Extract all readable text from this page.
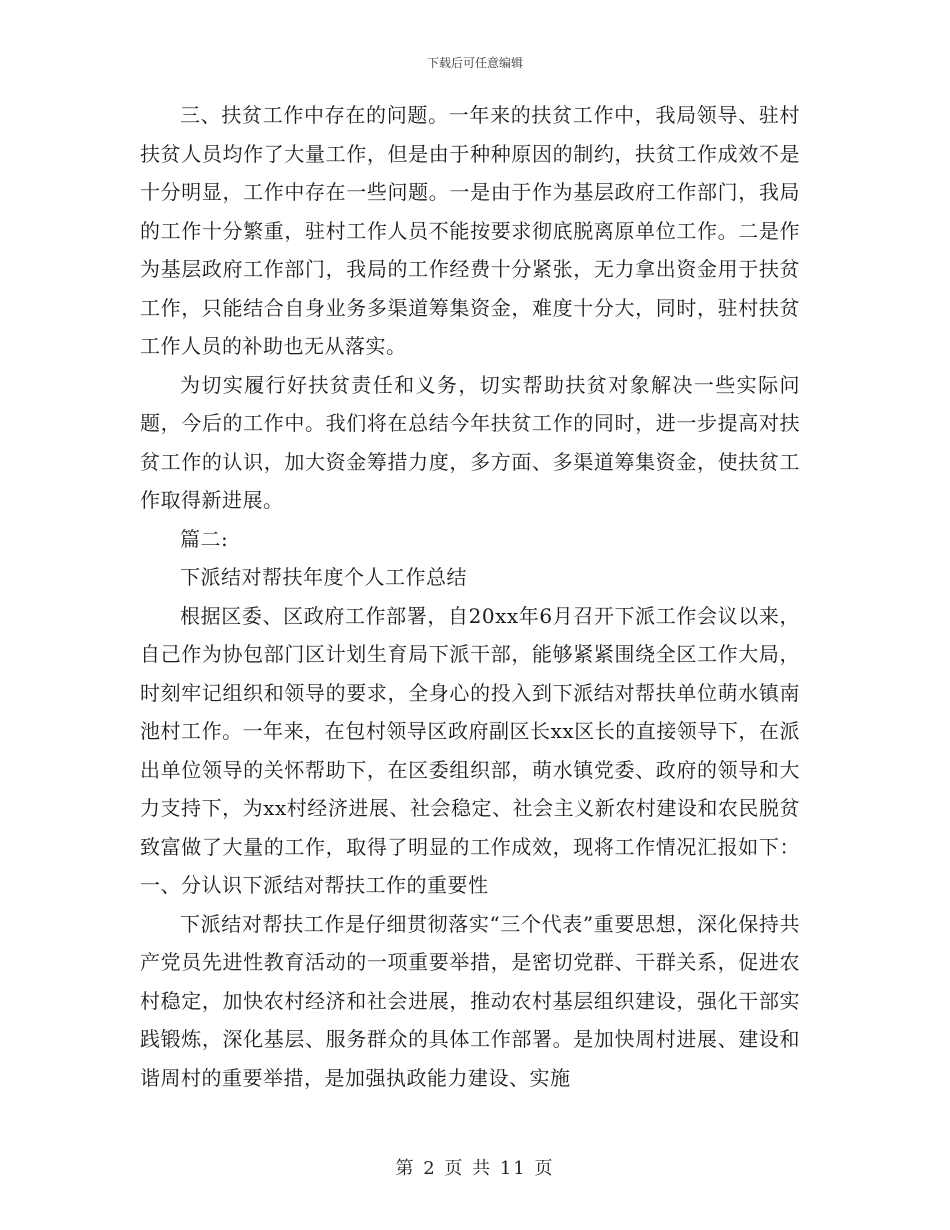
下载后可任意编辑

三、扶贫工作中存在的问题。一年来的扶贫工作中，我局领导、驻村扶贫人员均作了大量工作，但是由于种种原因的制约，扶贫工作成效不是十分明显，工作中存在一些问题。一是由于作为基层政府工作部门，我局的工作十分繁重，驻村工作人员不能按要求彻底脱离原单位工作。二是作为基层政府工作部门，我局的工作经费十分紧张，无力拿出资金用于扶贫工作，只能结合自身业务多渠道筹集资金，难度十分大，同时，驻村扶贫工作人员的补助也无从落实。

为切实履行好扶贫责任和义务，切实帮助扶贫对象解决一些实际问题，今后的工作中。我们将在总结今年扶贫工作的同时，进一步提高对扶贫工作的认识，加大资金筹措力度，多方面、多渠道筹集资金，使扶贫工作取得新进展。

篇二:

下派结对帮扶年度个人工作总结

根据区委、区政府工作部署，自20xx年6月召开下派工作会议以来，自己作为协包部门区计划生育局下派干部，能够紧紧围绕全区工作大局，时刻牢记组织和领导的要求，全身心的投入到下派结对帮扶单位萌水镇南池村工作。一年来，在包村领导区政府副区长xx区长的直接领导下，在派出单位领导的关怀帮助下，在区委组织部，萌水镇党委、政府的领导和大力支持下，为xx村经济进展、社会稳定、社会主义新农村建设和农民脱贫致富做了大量的工作，取得了明显的工作成效，现将工作情况汇报如下：一、分认识下派结对帮扶工作的重要性

下派结对帮扶工作是仔细贯彻落实“三个代表”重要思想，深化保持共产党员先进性教育活动的一项重要举措，是密切党群、干群关系，促进农村稳定，加快农村经济和社会进展，推动农村基层组织建设，强化干部实践锻炼，深化基层、服务群众的具体工作部署。是加快周村进展、建设和谐周村的重要举措，是加强执政能力建设、实施

第 2 页 共 11 页
